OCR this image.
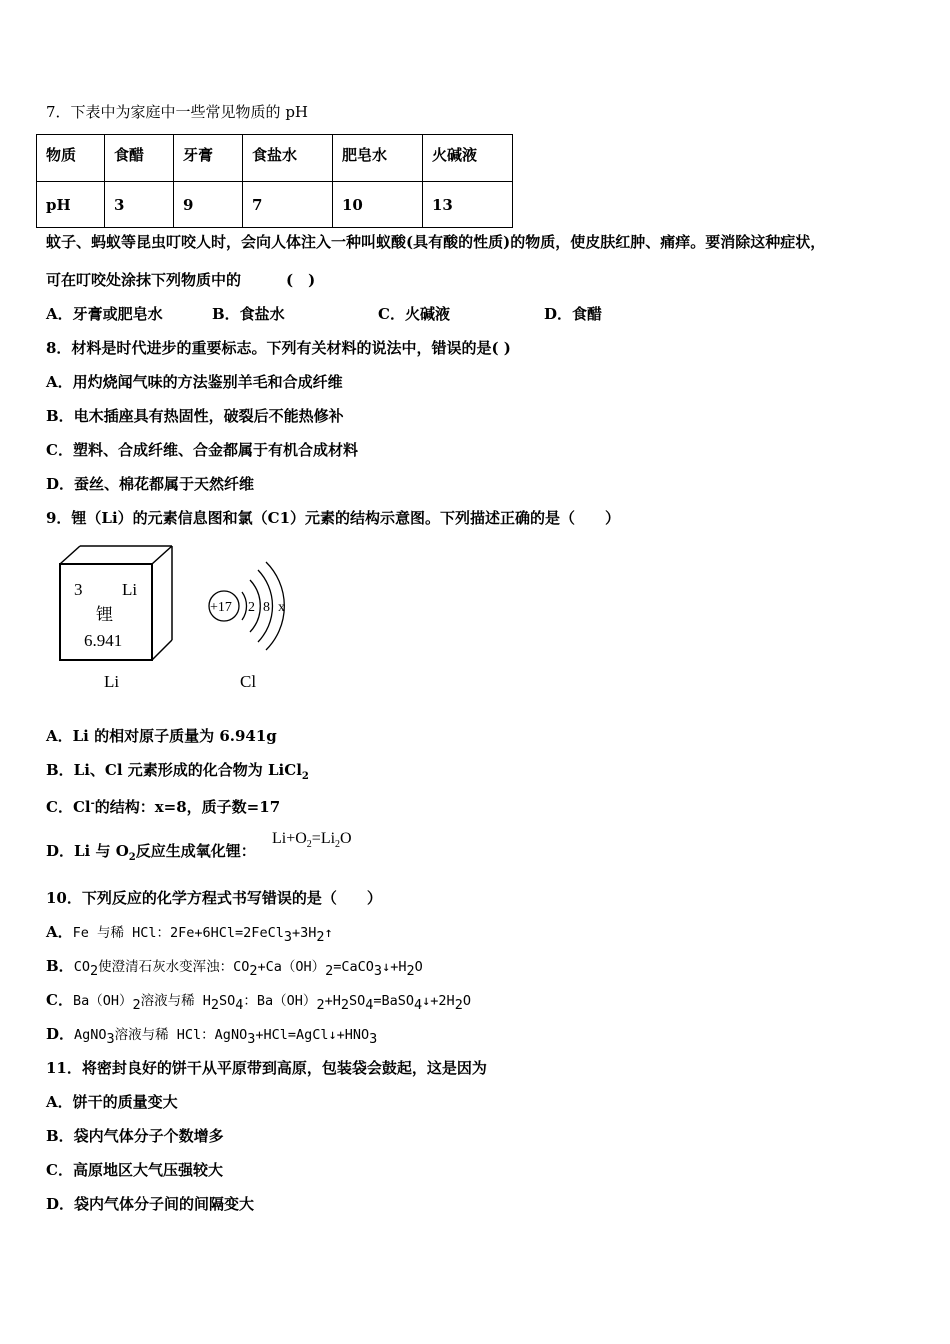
7．下表中为家庭中一些常见物质的 pH
物质	食醋	牙膏	食盐水	肥皂水	火碱液
pH	3	9	7	10	13
蚊子、蚂蚁等昆虫叮咬人时，会向人体注入一种叫蚁酸(具有酸的性质)的物质，使皮肤红肿、痛痒。要消除这种症状，
可在叮咬处涂抹下列物质中的　　　(　)
A．牙膏或肥皂水	B．食盐水	C．火碱液	D．食醋
8．材料是时代进步的重要标志。下列有关材料的说法中，错误的是( )
A．用灼烧闻气味的方法鉴别羊毛和合成纤维
B．电木插座具有热固性，破裂后不能热修补
C．塑料、合成纤维、合金都属于有机合成材料
D．蚕丝、棉花都属于天然纤维
9．锂（Li）的元素信息图和氯（C1）元素的结构示意图。下列描述正确的是（　　）
3 Li
锂
6.941
Li
+17 2 8 x
Cl
A．Li 的相对原子质量为 6.941g
B．Li、Cl 元素形成的化合物为 LiCl$_2$
C．Cl-的结构：x=8，质子数=17
D．Li 与 $O_2$反应生成氧化锂：
$Li+O_2=Li_2O$
10．下列反应的化学方程式书写错误的是（　　）
A．Fe 与稀 HCl：$2Fe+6HCl=2FeCl_3+3H_2↑$
B．$CO_2$使澄清石灰水变浑浊：$CO_2+Ca(OH)_2=CaCO_3↓+H_2O$
C．$Ba(OH)_2$溶液与稀 $H_2SO_4$：$Ba(OH)_2+H_2SO_4=BaSO_4↓+2H_2O$
D．AgNO$_3$溶液与稀 HCl：$AgNO_3+HCl=AgCl↓+HNO_3$
11．将密封良好的饼干从平原带到高原，包装袋会鼓起，这是因为
A．饼干的质量变大
B．袋内气体分子个数增多
C．高原地区大气压强较大
D．袋内气体分子间的间隔变大
